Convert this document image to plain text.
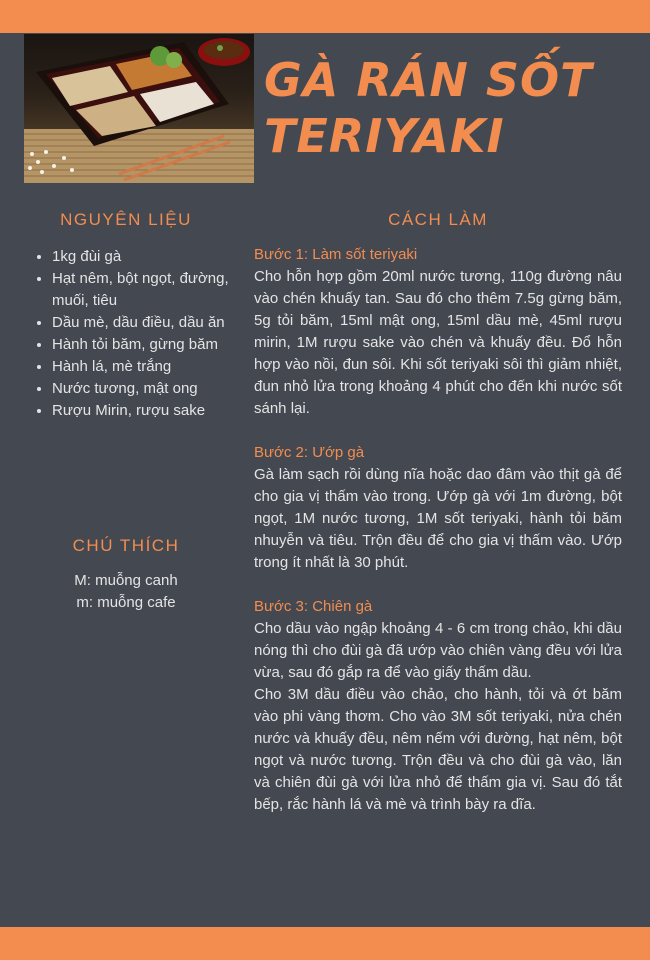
GÀ RÁN SỐT
TERIYAKI
NGUYÊN LIỆU
• 1kg đùi gà
• Hạt nêm, bột ngọt, đường, muối, tiêu
• Dầu mè, dầu điều, dầu ăn
• Hành tỏi băm, gừng băm
• Hành lá, mè trắng
• Nước tương, mật ong
• Rượu Mirin, rượu sake
CHÚ THÍCH
M: muỗng canh
m: muỗng cafe
CÁCH LÀM
Bước 1: Làm sốt teriyaki

Cho hỗn hợp gồm 20ml nước tương, 110g đường nâu vào chén khuấy tan. Sau đó cho thêm 7.5g gừng băm, 5g tỏi băm, 15ml mật ong, 15ml dầu mè, 45ml rượu mirin, 1M rượu sake vào chén và khuấy đều. Đổ hỗn hợp vào nồi, đun sôi. Khi sốt teriyaki sôi thì giảm nhiệt, đun nhỏ lửa trong khoảng 4 phút cho đến khi nước sốt sánh lại.

Bước 2: Ướp gà

Gà làm sạch rồi dùng nĩa hoặc dao đâm vào thịt gà để cho gia vị thấm vào trong. Ướp gà với 1m đường, bột ngọt, 1M nước tương, 1M sốt teriyaki, hành tỏi băm nhuyễn và tiêu. Trộn đều để cho gia vị thấm vào. Ướp trong ít nhất là 30 phút.

Bước 3: Chiên gà

Cho dầu vào ngập khoảng 4 - 6 cm trong chảo, khi dầu nóng thì cho đùi gà đã ướp vào chiên vàng đều với lửa vừa, sau đó gắp ra để vào giấy thấm dầu.

Cho 3M dầu điều vào chảo, cho hành, tỏi và ớt băm vào phi vàng thơm. Cho vào 3M sốt teriyaki, nửa chén nước và khuấy đều, nêm nếm với đường, hạt nêm, bột ngọt và nước tương. Trộn đều và cho đùi gà vào, lăn và chiên đùi gà với lửa nhỏ để thấm gia vị. Sau đó tắt bếp, rắc hành lá và mè và trình bày ra dĩa.
